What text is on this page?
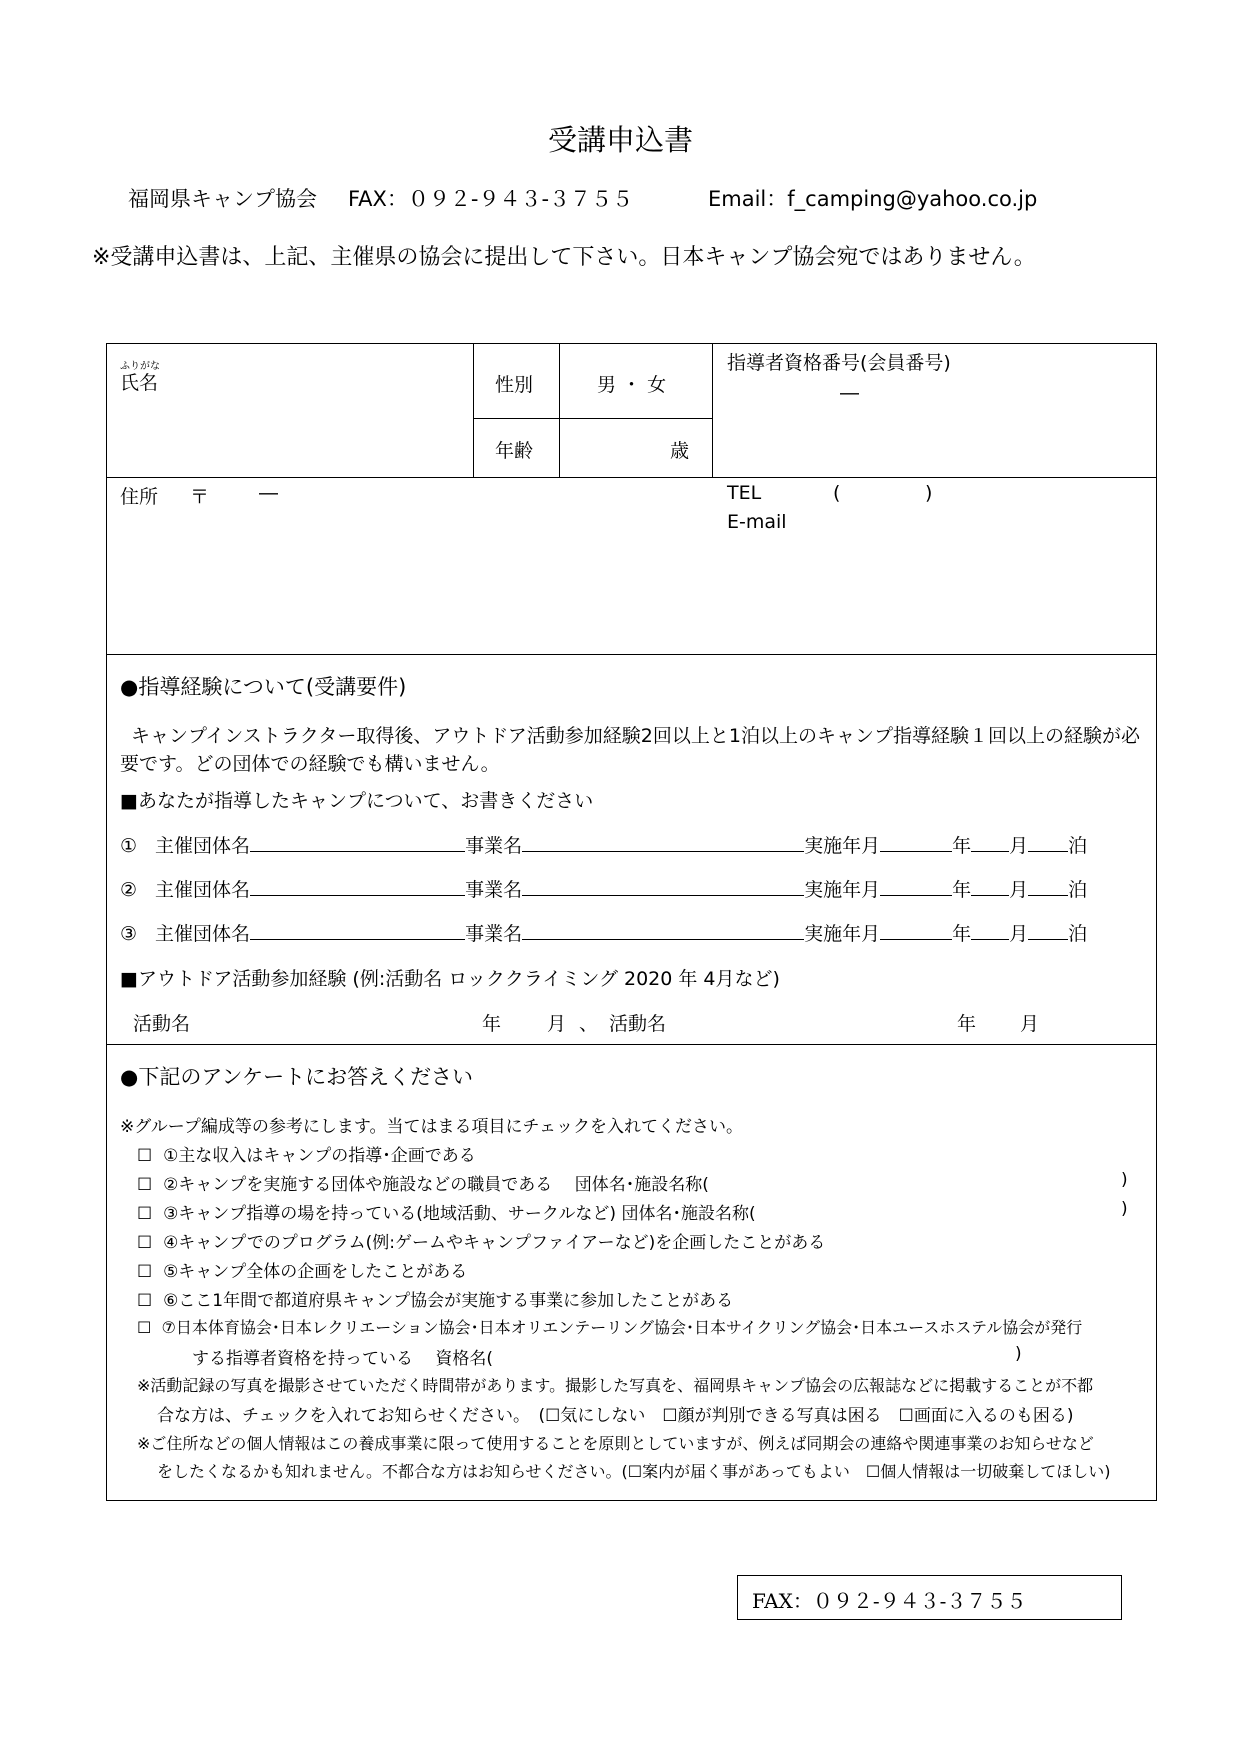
受講申込書
福岡県キャンプ協会 FAX：０９２-９４３-３７５５	Email：f_camping@yahoo.co.jp
※受講申込書は、上記、主催県の協会に提出して下さい。日本キャンプ協会宛ではありません。
ふりがな
氏名	性別	男 ・ 女
年齢	歳
指導者資格番号(会員番号)
―
住所 〒	―	TEL	(	)
E-mail
●指導経験について(受講要件)
キャンプインストラクター取得後、アウトドア活動参加経験2回以上と1泊以上のキャンプ指導経験１回以上の経験が必
要です。どの団体での経験でも構いません。
■あなたが指導したキャンプについて、お書きください
① 主催団体名	事業名	実施年月	年 月 泊
② 主催団体名	事業名	実施年月	年 月 泊
③ 主催団体名	事業名	実施年月	年 月 泊
■アウトドア活動参加経験 (例:活動名 ロッククライミング 2020 年 4月など)
活動名	年 月 、 活動名	年 月
●下記のアンケートにお答えください
※グループ編成等の参考にします。当てはまる項目にチェックを入れてください。
☐ ①主な収入はキャンプの指導･企画である
☐ ②キャンプを実施する団体や施設などの職員である　 団体名･施設名称(	)
☐ ③キャンプ指導の場を持っている(地域活動、サークルなど) 団体名･施設名称(	)
☐ ④キャンプでのプログラム(例:ゲームやキャンプファイアーなど)を企画したことがある
☐ ⑤キャンプ全体の企画をしたことがある
☐ ⑥ここ1年間で都道府県キャンプ協会が実施する事業に参加したことがある
☐ ⑦日本体育協会･日本レクリエーション協会･日本オリエンテーリング協会･日本サイクリング協会･日本ユースホステル協会が発行
する指導者資格を持っている　 資格名(	)
※活動記録の写真を撮影させていただく時間帯があります。撮影した写真を、福岡県キャンプ協会の広報誌などに掲載することが不都
合な方は、チェックを入れてお知らせください。　(☐気にしない　☐顔が判別できる写真は困る　☐画面に入るのも困る)
※ご住所などの個人情報はこの養成事業に限って使用することを原則としていますが、例えば同期会の連絡や関連事業のお知らせなど
をしたくなるかも知れません。不都合な方はお知らせください。(☐案内が届く事があってもよい　☐個人情報は一切破棄してほしい)
FAX：０９２-９４３-３７５５
